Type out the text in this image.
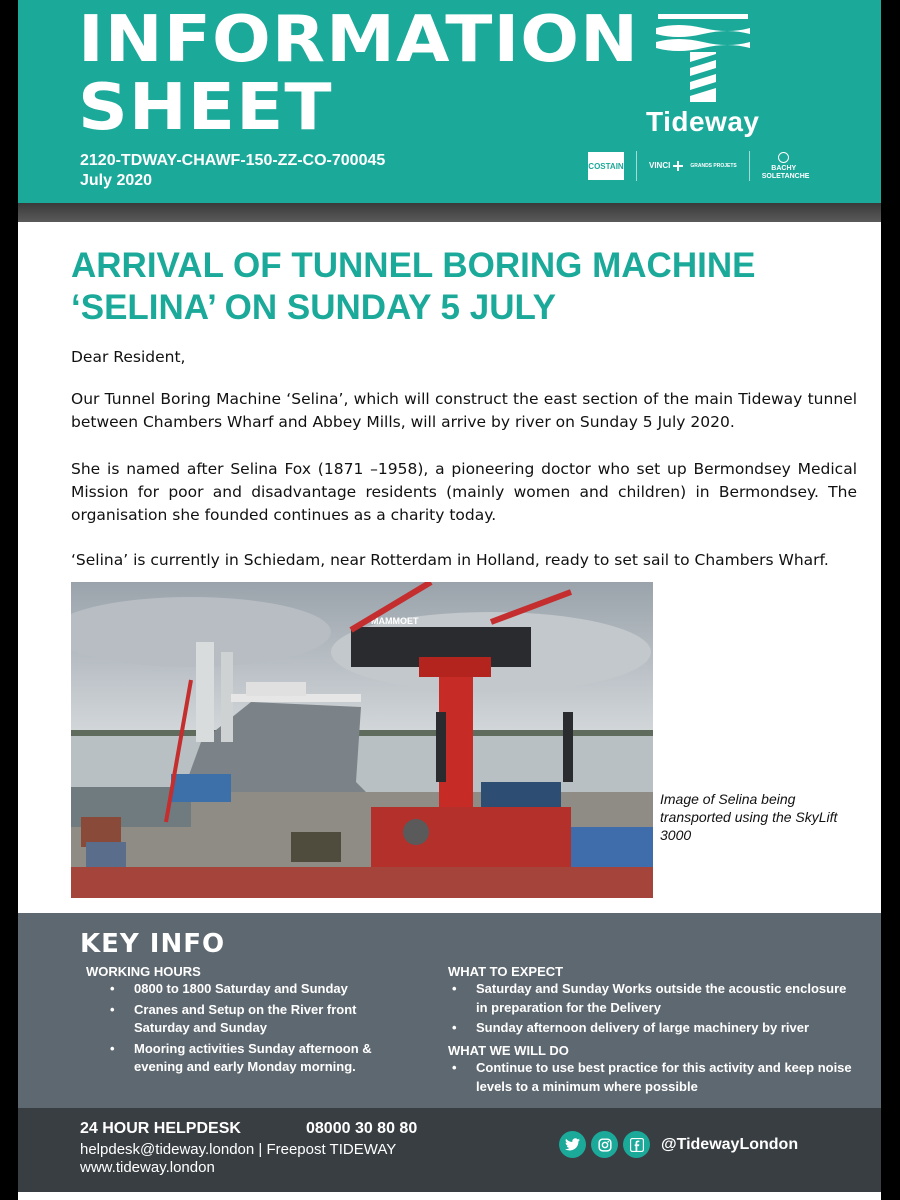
INFORMATION
SHEET
2120-TDWAY-CHAWF-150-ZZ-CO-700045
July 2020
Tideway
COSTAIN	VINCI	GRANDS PROJETS	BACHY SOLETANCHE
ARRIVAL OF TUNNEL BORING MACHINE
‘SELINA’ ON SUNDAY 5 JULY
Dear Resident,
Our Tunnel Boring Machine ‘Selina’, which will construct the east section of the main Tideway tunnel between Chambers Wharf and Abbey Mills, will arrive by river on Sunday 5 July 2020.
She is named after Selina Fox (1871 –1958), a pioneering doctor who set up Bermondsey Medical Mission for poor and disadvantage residents (mainly women and children) in Bermondsey. The organisation she founded continues as a charity today.
‘Selina’ is currently in Schiedam, near Rotterdam in Holland, ready to set sail to Chambers Wharf.
MAMMOET
Image of Selina being transported using the SkyLift 3000
KEY INFO
WORKING HOURS
• 0800 to 1800 Saturday and Sunday
• Cranes and Setup on the River front Saturday and Sunday
• Mooring activities Sunday afternoon & evening and early Monday morning.
WHAT TO EXPECT
• Saturday and Sunday Works outside the acoustic enclosure in preparation for the Delivery
• Sunday afternoon delivery of large machinery by river
WHAT WE WILL DO
• Continue to use best practice for this activity and keep noise levels to a minimum where possible
24 HOUR HELPDESK	08000 30 80 80
helpdesk@tideway.london | Freepost TIDEWAY
www.tideway.london
@TidewayLondon
